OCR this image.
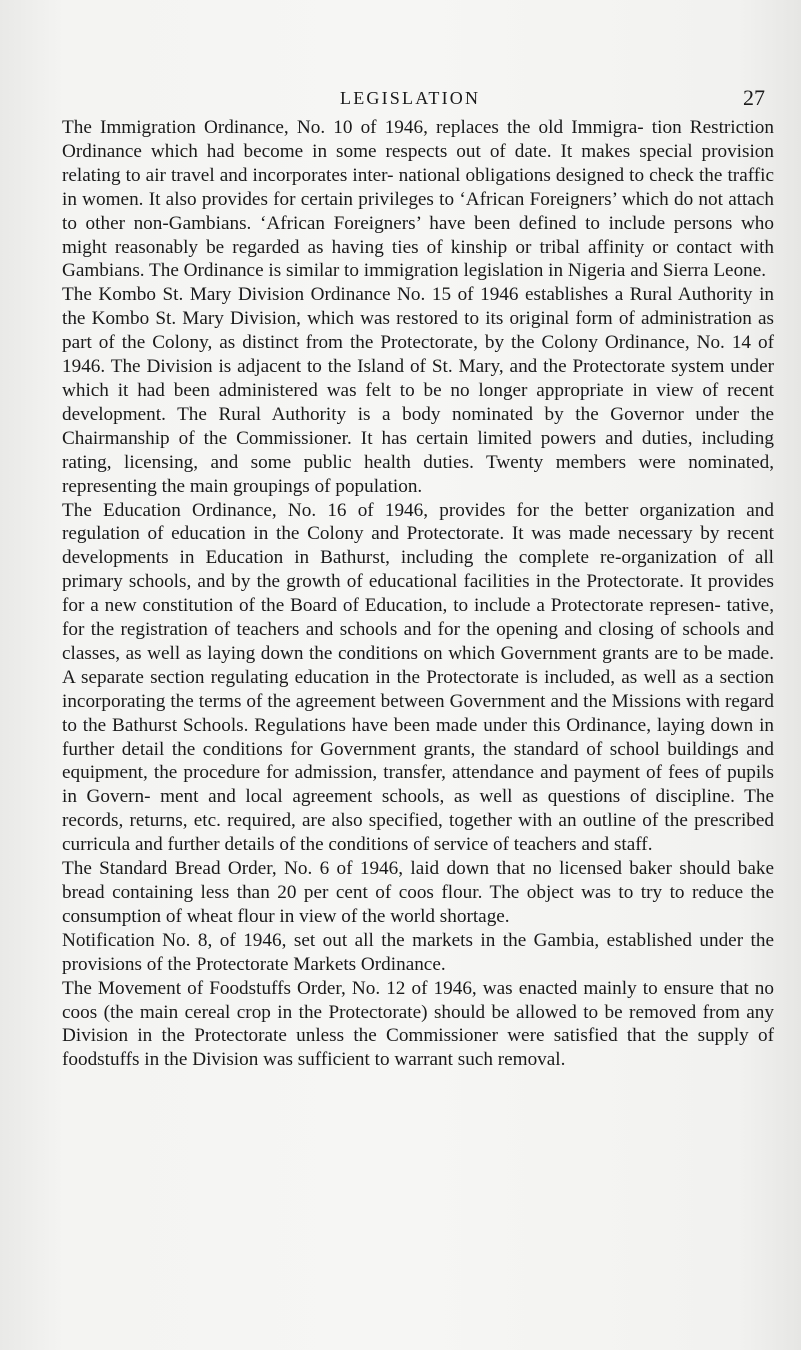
LEGISLATION	27

The Immigration Ordinance, No. 10 of 1946, replaces the old Immigra- tion Restriction Ordinance which had become in some respects out of date. It makes special provision relating to air travel and incorporates inter- national obligations designed to check the traffic in women. It also provides for certain privileges to ‘African Foreigners’ which do not attach to other non-Gambians. ‘African Foreigners’ have been defined to include persons who might reasonably be regarded as having ties of kinship or tribal affinity or contact with Gambians. The Ordinance is similar to immigration legislation in Nigeria and Sierra Leone.

The Kombo St. Mary Division Ordinance No. 15 of 1946 establishes a Rural Authority in the Kombo St. Mary Division, which was restored to its original form of administration as part of the Colony, as distinct from the Protectorate, by the Colony Ordinance, No. 14 of 1946. The Division is adjacent to the Island of St. Mary, and the Protectorate system under which it had been administered was felt to be no longer appropriate in view of recent development. The Rural Authority is a body nominated by the Governor under the Chairmanship of the Commissioner. It has certain limited powers and duties, including rating, licensing, and some public health duties. Twenty members were nominated, representing the main groupings of population.

The Education Ordinance, No. 16 of 1946, provides for the better organization and regulation of education in the Colony and Protectorate. It was made necessary by recent developments in Education in Bathurst, including the complete re-organization of all primary schools, and by the growth of educational facilities in the Protectorate. It provides for a new constitution of the Board of Education, to include a Protectorate represen- tative, for the registration of teachers and schools and for the opening and closing of schools and classes, as well as laying down the conditions on which Government grants are to be made. A separate section regulating education in the Protectorate is included, as well as a section incorporating the terms of the agreement between Government and the Missions with regard to the Bathurst Schools. Regulations have been made under this Ordinance, laying down in further detail the conditions for Government grants, the standard of school buildings and equipment, the procedure for admission, transfer, attendance and payment of fees of pupils in Govern- ment and local agreement schools, as well as questions of discipline. The records, returns, etc. required, are also specified, together with an outline of the prescribed curricula and further details of the conditions of service of teachers and staff.

The Standard Bread Order, No. 6 of 1946, laid down that no licensed baker should bake bread containing less than 20 per cent of coos flour. The object was to try to reduce the consumption of wheat flour in view of the world shortage.

Notification No. 8, of 1946, set out all the markets in the Gambia, established under the provisions of the Protectorate Markets Ordinance.

The Movement of Foodstuffs Order, No. 12 of 1946, was enacted mainly to ensure that no coos (the main cereal crop in the Protectorate) should be allowed to be removed from any Division in the Protectorate unless the Commissioner were satisfied that the supply of foodstuffs in the Division was sufficient to warrant such removal.
